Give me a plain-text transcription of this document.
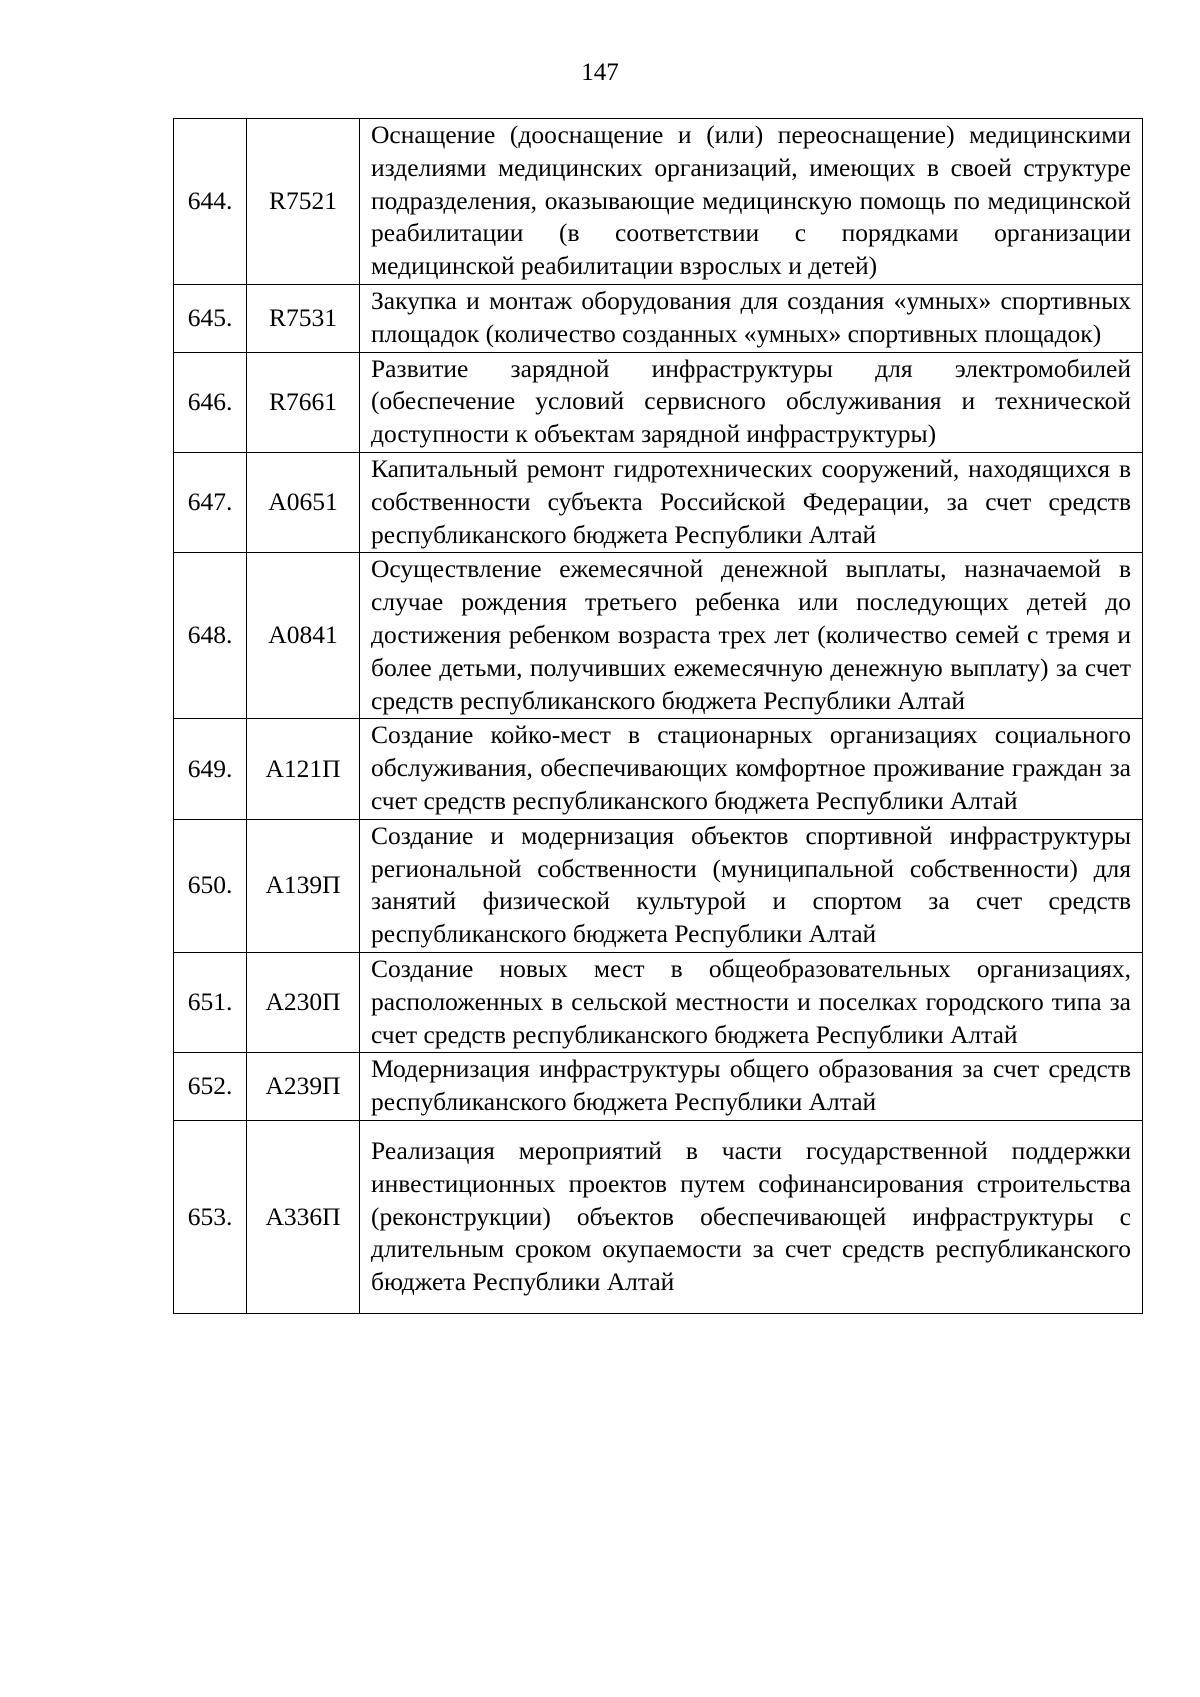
147
644.	R7521	Оснащение (дооснащение и (или) переоснащение) медицинскими изделиями медицинских организаций, имеющих в своей структуре подразделения, оказывающие медицинскую помощь по медицинской реабилитации (в соответствии с порядками организации медицинской реабилитации взрослых и детей)
645.	R7531	Закупка и монтаж оборудования для создания «умных» спортивных площадок (количество созданных «умных» спортивных площадок)
646.	R7661	Развитие зарядной инфраструктуры для электромобилей (обеспечение условий сервисного обслуживания и технической доступности к объектам зарядной инфраструктуры)
647.	А0651	Капитальный ремонт гидротехнических сооружений, находящихся в собственности субъекта Российской Федерации, за счет средств республиканского бюджета Республики Алтай
648.	А0841	Осуществление ежемесячной денежной выплаты, назначаемой в случае рождения третьего ребенка или последующих детей до достижения ребенком возраста трех лет (количество семей с тремя и более детьми, получивших ежемесячную денежную выплату) за счет средств республиканского бюджета Республики Алтай
649.	А121П	Создание койко-мест в стационарных организациях социального обслуживания, обеспечивающих комфортное проживание граждан за счет средств республиканского бюджета Республики Алтай
650.	А139П	Создание и модернизация объектов спортивной инфраструктуры региональной собственности (муниципальной собственности) для занятий физической культурой и спортом за счет средств республиканского бюджета Республики Алтай
651.	А230П	Создание новых мест в общеобразовательных организациях, расположенных в сельской местности и поселках городского типа за счет средств республиканского бюджета Республики Алтай
652.	А239П	Модернизация инфраструктуры общего образования за счет средств республиканского бюджета Республики Алтай
653.	А336П	Реализация мероприятий в части государственной поддержки инвестиционных проектов путем софинансирования строительства (реконструкции) объектов обеспечивающей инфраструктуры с длительным сроком окупаемости за счет средств республиканского бюджета Республики Алтай
